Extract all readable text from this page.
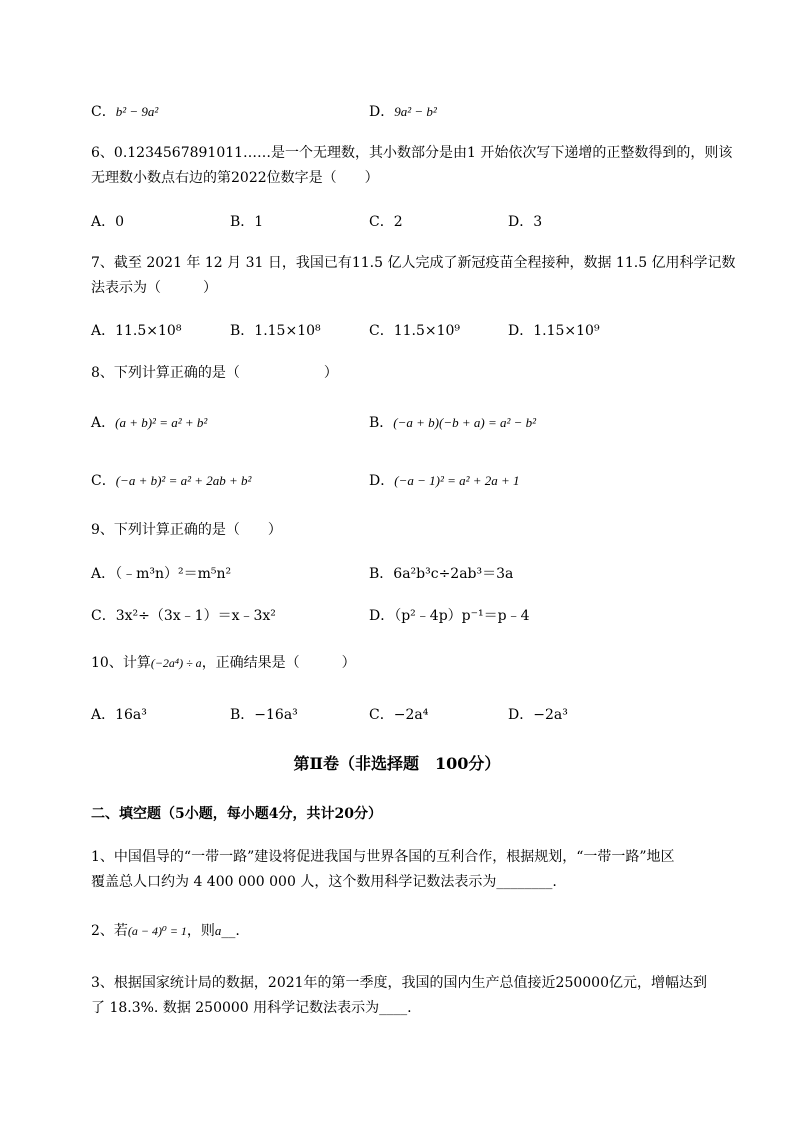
C．b² − 9a²	D．9a² − b²
6、0.1234567891011……是一个无理数，其小数部分是由1 开始依次写下递增的正整数得到的，则该
无理数小数点右边的第2022位数字是（　　）
A．0	B．1	C．2	D．3
7、截至 2021 年 12 月 31 日，我国已有11.5 亿人完成了新冠疫苗全程接种，数据 11.5 亿用科学记数
法表示为（　　　）
A．11.5×10⁸	B．1.15×10⁸	C．11.5×10⁹	D．1.15×10⁹
8、下列计算正确的是（　　　　　　）
A．(a + b)² = a² + b²	B．(−a + b)(−b + a) = a² − b²
C．(−a + b)² = a² + 2ab + b²	D．(−a − 1)² = a² + 2a + 1
9、下列计算正确的是（　　）
A．（﹣m³n）²＝m⁵n²	B．6a²b³c÷2ab³＝3a
C．3x²÷（3x﹣1）＝x﹣3x²	D．（p²﹣4p）p⁻¹＝p﹣4
10、计算(−2a⁴) ÷ a，正确结果是（　　　）
A．16a³	B．−16a³	C．−2a⁴	D．−2a³
第Ⅱ卷（非选择题　100分）
二、填空题（5小题，每小题4分，共计20分）
1、中国倡导的“一带一路”建设将促进我国与世界各国的互利合作，根据规划，“一带一路”地区
覆盖总人口约为 4 400 000 000 人，这个数用科学记数法表示为________.
2、若(a − 4)⁰ = 1，则a__.
3、根据国家统计局的数据，2021年的第一季度，我国的国内生产总值接近250000亿元，增幅达到
了 18.3%. 数据 250000 用科学记数法表示为____.
